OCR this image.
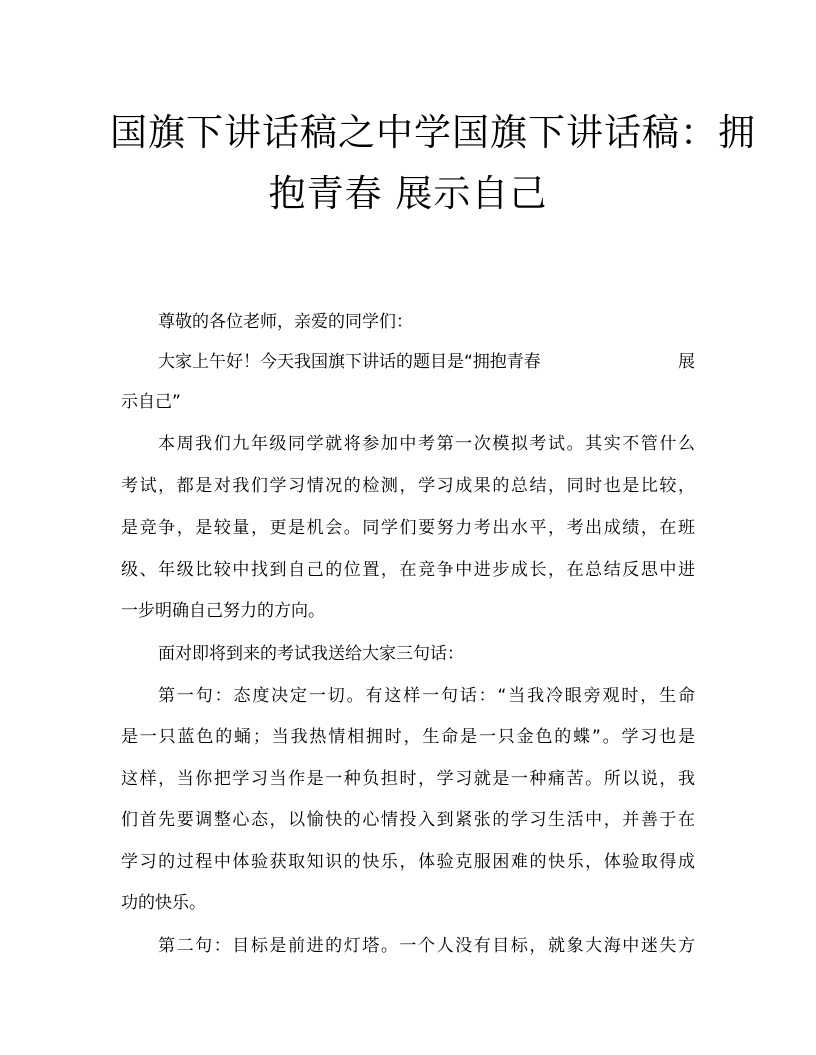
国旗下讲话稿之中学国旗下讲话稿：拥
抱青春 展示自己

尊敬的各位老师，亲爱的同学们：

大家上午好！今天我国旗下讲话的题目是“拥抱青春	展

示自己”

本周我们九年级同学就将参加中考第一次模拟考试。其实不管什么

考试，都是对我们学习情况的检测，学习成果的总结，同时也是比较，

是竞争，是较量，更是机会。同学们要努力考出水平，考出成绩，在班

级、年级比较中找到自己的位置，在竞争中进步成长，在总结反思中进

一步明确自己努力的方向。

面对即将到来的考试我送给大家三句话：

第一句：态度决定一切。有这样一句话：“当我冷眼旁观时，生命

是一只蓝色的蛹；当我热情相拥时，生命是一只金色的蝶”。学习也是

这样，当你把学习当作是一种负担时，学习就是一种痛苦。所以说，我

们首先要调整心态，以愉快的心情投入到紧张的学习生活中，并善于在

学习的过程中体验获取知识的快乐，体验克服困难的快乐，体验取得成

功的快乐。

第二句：目标是前进的灯塔。一个人没有目标，就象大海中迷失方
